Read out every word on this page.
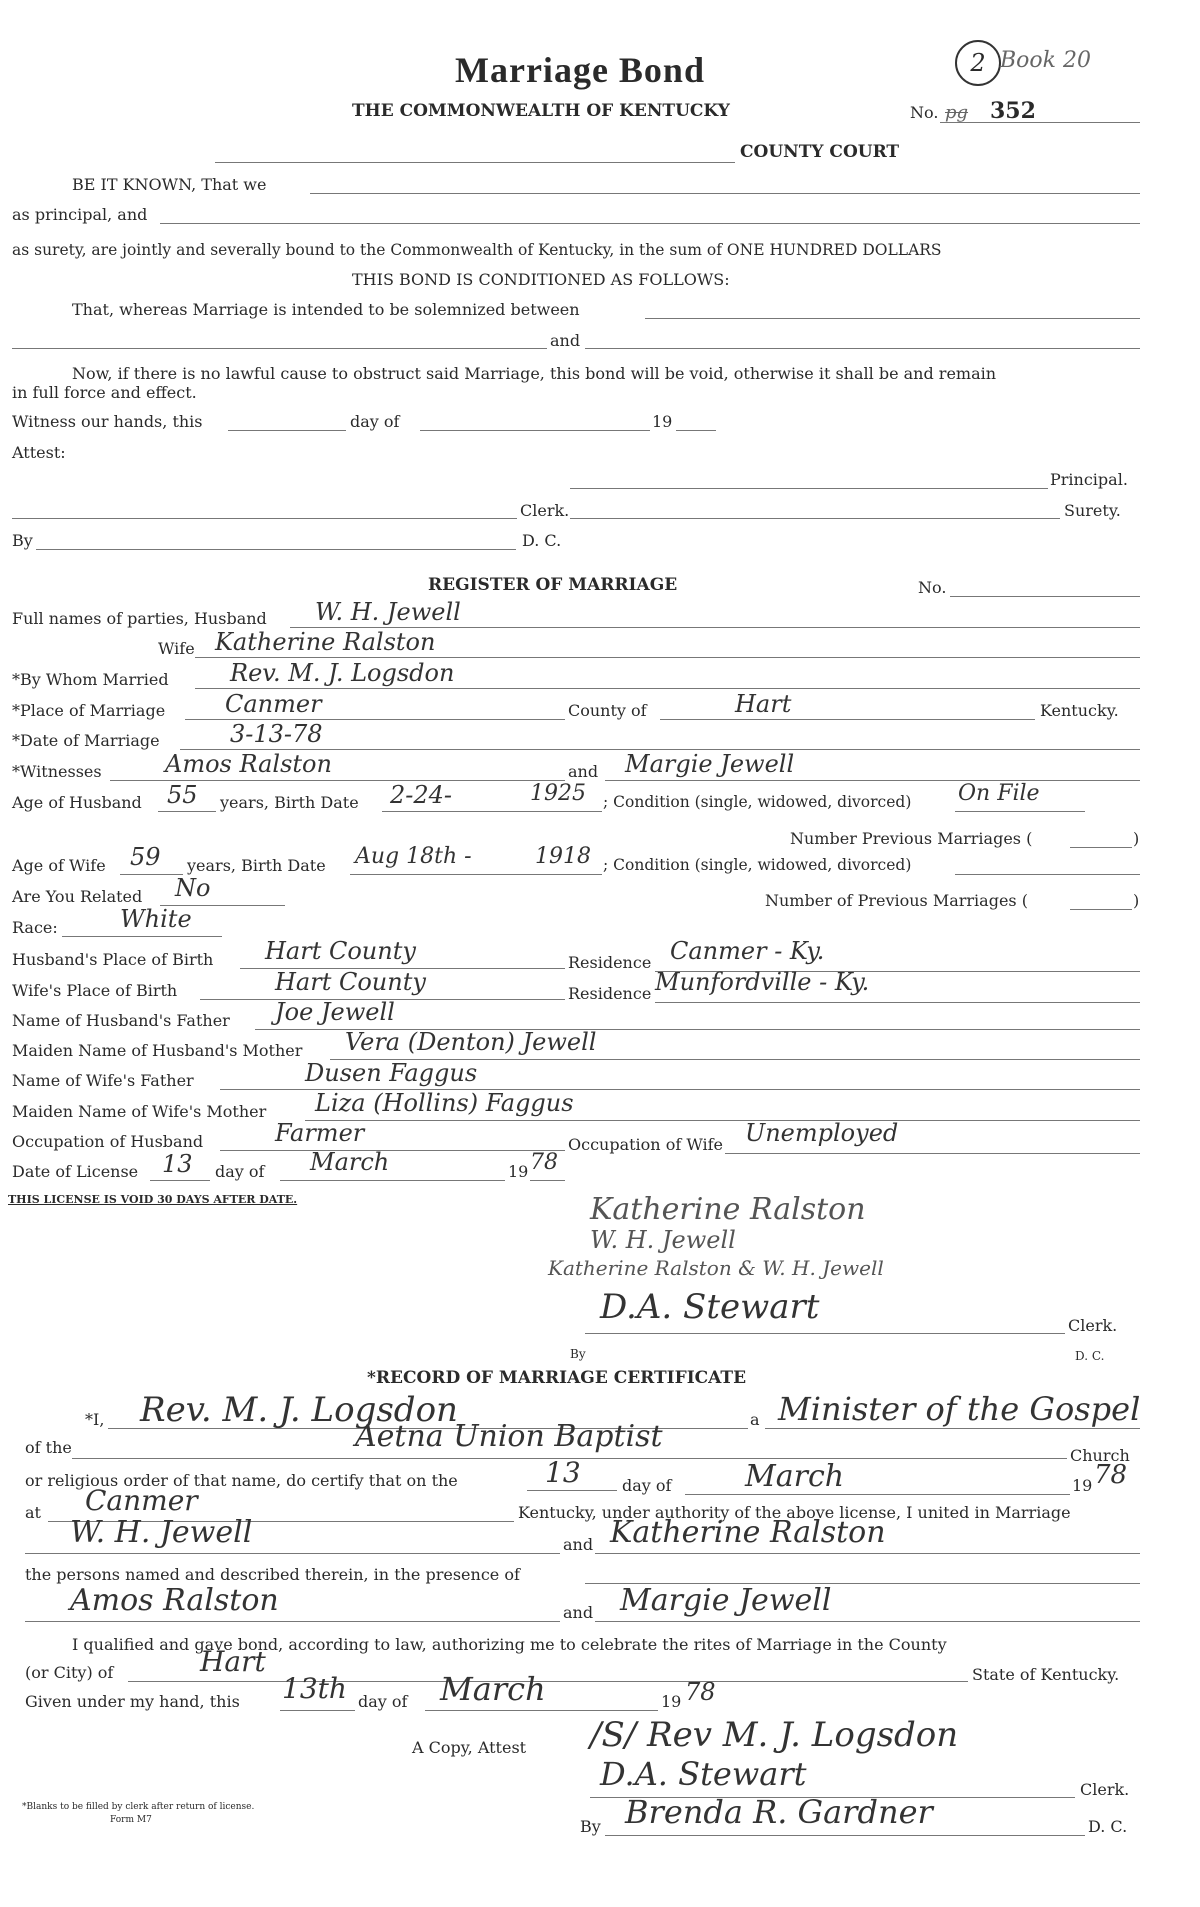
Marriage Bond
THE COMMONWEALTH OF KENTUCKY
2 Book 20
No. pg 352
COUNTY COURT
BE IT KNOWN, That we
as principal, and
as surety, are jointly and severally bound to the Commonwealth of Kentucky, in the sum of ONE HUNDRED DOLLARS
THIS BOND IS CONDITIONED AS FOLLOWS:
That, whereas Marriage is intended to be solemnized between
and
Now, if there is no lawful cause to obstruct said Marriage, this bond will be void, otherwise it shall be and remain
in full force and effect.
Witness our hands, this	day of	19
Attest:
Principal.
Clerk.	Surety.
By	D. C.
REGISTER OF MARRIAGE	No.
Full names of parties, Husband W. H. Jewell
Wife Katherine Ralston
*By Whom Married	Rev. M. J. Logsdon
*Place of Marriage Canmer	County of	Hart	Kentucky.
*Date of Marriage	3-13-78
*Witnesses	Amos Ralston	and Margie Jewell
Age of Husband 55 years, Birth Date 2-24-	1925 ; Condition (single, widowed, divorced) On File
Number Previous Marriages (	)
Age of Wife 59 years, Birth Date Aug 18th -	1918 ; Condition (single, widowed, divorced)
Are You Related No	Number of Previous Marriages (	)
Race:	White
Husband's Place of Birth Hart County	Residence Canmer - Ky.
Wife's Place of Birth	Hart County	Residence Munfordville - Ky.
Name of Husband's Father Joe Jewell
Maiden Name of Husband's Mother Vera (Denton) Jewell
Name of Wife's Father	Dusen Faggus
Maiden Name of Wife's Mother Liza (Hollins) Faggus
Occupation of Husband	Farmer	Occupation of Wife Unemployed
Date of License 13 day of March	19 78
THIS LICENSE IS VOID 30 DAYS AFTER DATE.	Katherine Ralston
W. H. Jewell
Katherine Ralston & W. H. Jewell
D.A. Stewart	Clerk.
By	D. C.
*RECORD OF MARRIAGE CERTIFICATE
*I, Rev. M. J. Logsdon	a Minister of the Gospel
of the	Aetna Union Baptist
Church
or religious order of that name, do certify that on the	13	day of March	19 78
at Canmer	Kentucky, under authority of the above license, I united in Marriage
W. H. Jewell	and Katherine Ralston
the persons named and described therein, in the presence of
Amos Ralston	and Margie Jewell
I qualified and gave bond, according to law, authorizing me to celebrate the rites of Marriage in the County
(or City) of	Hart	State of Kentucky.
Given under my hand, this 13th day of March	19 78
A Copy, Attest /S/ Rev M. J. Logsdon
D.A. Stewart	Clerk.
By Brenda R. Gardner	D. C.
*Blanks to be filled by clerk after return of license.
Form M7
